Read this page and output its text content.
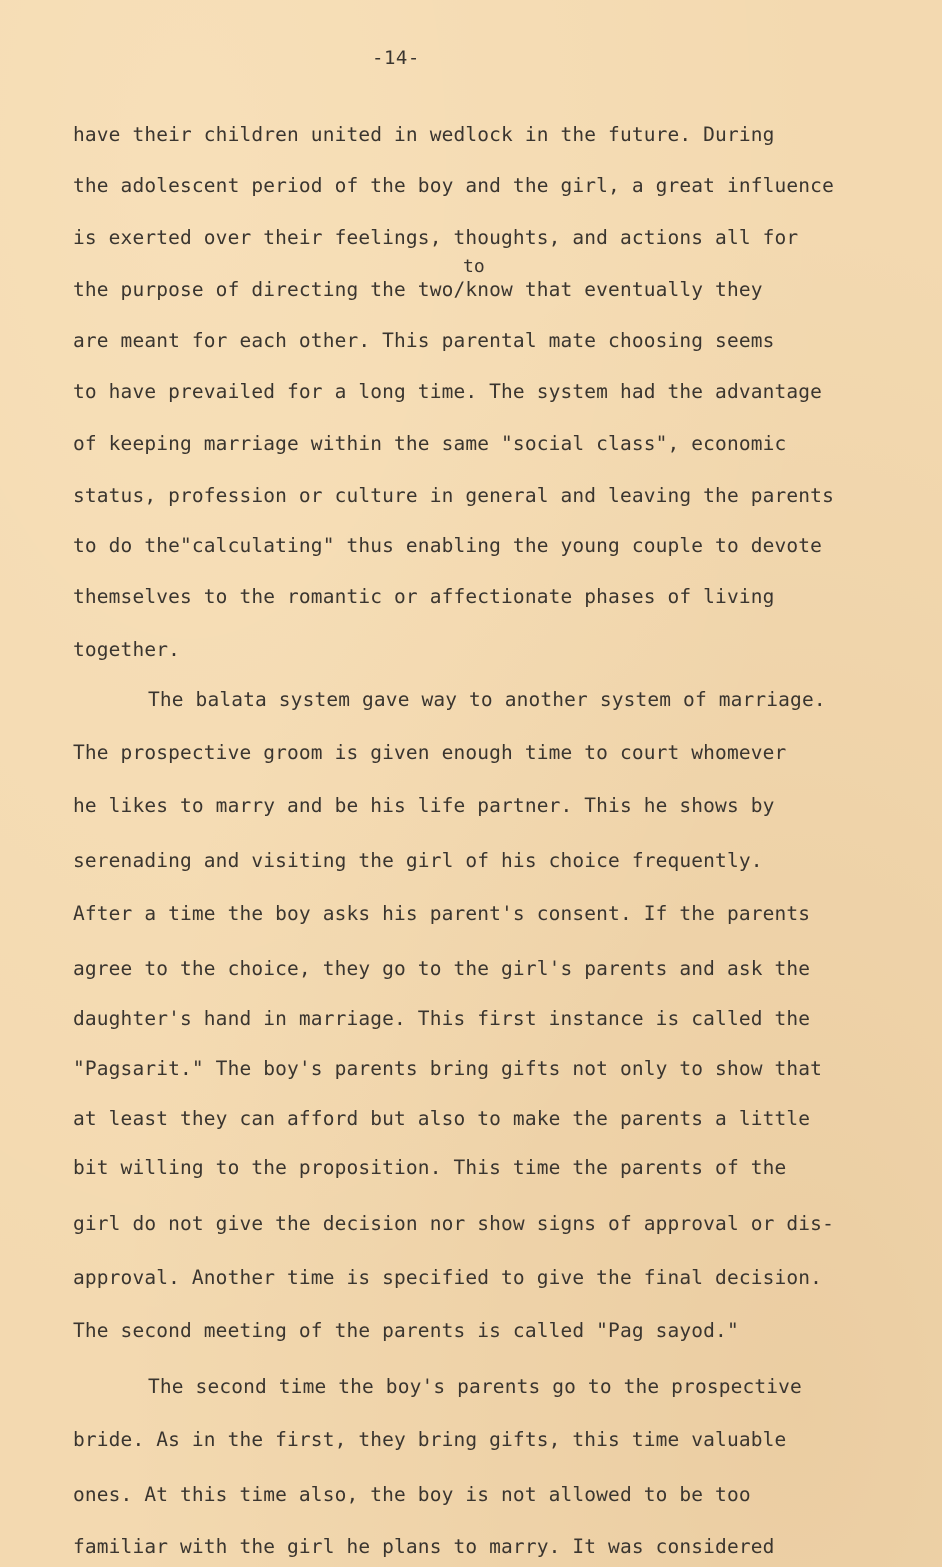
-14-
to
have their children united in wedlock in the future. During
the adolescent period of the boy and the girl, a great influence
is exerted over their feelings, thoughts, and actions all for
the purpose of directing the two/know that eventually they
are meant for each other. This parental mate choosing seems
to have prevailed for a long time. The system had the advantage
of keeping marriage within the same "social class", economic
status, profession or culture in general and leaving the parents
to do the"calculating" thus enabling the young couple to devote
themselves to the romantic or affectionate phases of living
together.
The balata system gave way to another system of marriage.
The prospective groom is given enough time to court whomever
he likes to marry and be his life partner. This he shows by
serenading and visiting the girl of his choice frequently.
After a time the boy asks his parent's consent. If the parents
agree to the choice, they go to the girl's parents and ask the
daughter's hand in marriage. This first instance is called the
"Pagsarit." The boy's parents bring gifts not only to show that
at least they can afford but also to make the parents a little
bit willing to the proposition. This time the parents of the
girl do not give the decision nor show signs of approval or dis-
approval. Another time is specified to give the final decision.
The second meeting of the parents is called "Pag sayod."
The second time the boy's parents go to the prospective
bride. As in the first, they bring gifts, this time valuable
ones. At this time also, the boy is not allowed to be too
familiar with the girl he plans to marry. It was considered
